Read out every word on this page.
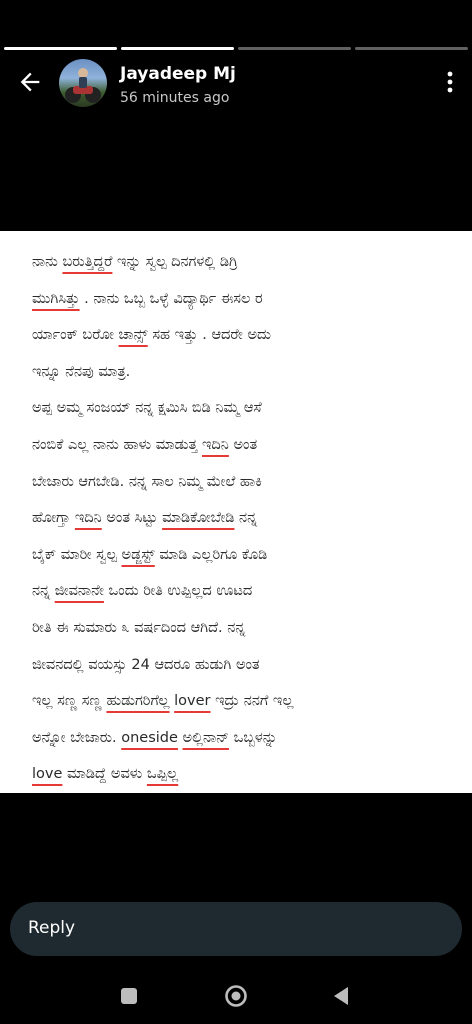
Jayadeep Mj
56 minutes ago
ನಾನು ಬರುತ್ತಿದ್ದರೆ ಇನ್ನು ಸ್ವಲ್ಪ ದಿನಗಳಲ್ಲಿ ಡಿಗ್ರಿ
ಮುಗಿಸಿತ್ತು . ನಾನು ಒಬ್ಬ ಒಳ್ಳೆ ವಿದ್ಯಾರ್ಥಿ ಈಸಲ ರ
ರ್ಯಾಂಕ್ ಬರೋ ಚಾನ್ಸ್ ಸಹ ಇತ್ತು . ಆದರೇ ಅದು
ಇನ್ನೂ ನೆನಪು ಮಾತ್ರ.
ಅಪ್ಪ ಅಮ್ಮ ಸಂಜಯ್ ನನ್ನ ಕ್ಷಮಿಸಿ ಬಿಡಿ ನಿಮ್ಮ ಆಸೆ
ನಂಬಿಕೆ ಎಲ್ಲ ನಾನು ಹಾಳು ಮಾಡುತ್ತ ಇದಿನಿ ಅಂತ
ಬೇಜಾರು ಆಗಬೇಡಿ. ನನ್ನ ಸಾಲ ನಿಮ್ಮ ಮೇಲೆ ಹಾಕಿ
ಹೋಗ್ತಾ ಇದಿನಿ ಅಂತ ಸಿಟ್ಟು ಮಾಡಿಕೋಬೇಡಿ ನನ್ನ
ಬೈಕ್ ಮಾರೀ ಸ್ವಲ್ಪ ಅಡ್ಜಸ್ಟ್ ಮಾಡಿ ಎಲ್ಲರಿಗೂ ಕೊಡಿ
ನನ್ನ ಜೀವನಾನೇ ಒಂದು ರೀತಿ ಉಪ್ಪಿಲ್ಲದ ಊಟದ
ರೀತಿ ಈ ಸುಮಾರು ೩ ವರ್ಷದಿಂದ ಆಗಿದೆ. ನನ್ನ
ಜೀವನದಲ್ಲಿ ವಯಸ್ಸು 24 ಆದರೂ ಹುಡುಗಿ ಅಂತ
ಇಲ್ಲ ಸಣ್ಣ ಸಣ್ಣ ಹುಡುಗರಿಗೆಲ್ಲ lover ಇದ್ರು ನನಗೆ ಇಲ್ಲ
ಅನ್ನೋ ಬೇಜಾರು. oneside ಅಲ್ಲಿನಾನ್ ಒಬ್ಬಳನ್ನು
love ಮಾಡಿದ್ದೆ ಅವಳು ಒಪ್ಪಿಲ್ಲ
Reply
